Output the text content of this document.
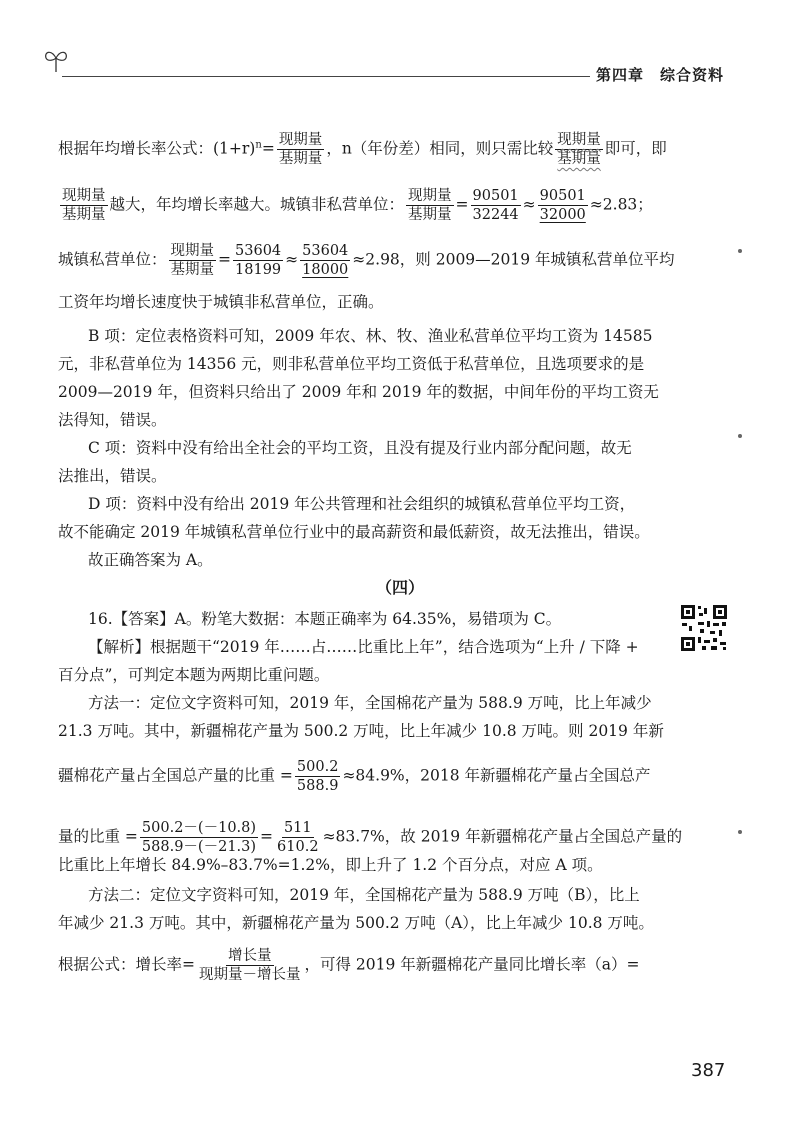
第四章 综合资料
根据年均增长率公式：$(1+r)^n= \frac{\text{现期量}}{\text{基期量}}$ ，n（年份差）相同，则只需比较 $\frac{\text{现期量}}{\text{基期量}}$ 即可，即
$\frac{\text{现期量}}{\text{基期量}}$ 越大，年均增长率越大。城镇非私营单位： $\frac{\text{现期量}}{\text{基期量}} = \frac{90501}{32244} \approx \frac{90501}{32000} \approx 2.83$；
城镇私营单位： $\frac{\text{现期量}}{\text{基期量}} = \frac{53604}{18199} \approx \frac{53604}{18000} \approx 2.98$，则 2009—2019 年城镇私营单位平均
工资年均增长速度快于城镇非私营单位，正确。
B 项：定位表格资料可知，2009 年农、林、牧、渔业私营单位平均工资为 14585
元，非私营单位为 14356 元，则非私营单位平均工资低于私营单位，且选项要求的是
2009—2019 年，但资料只给出了 2009 年和 2019 年的数据，中间年份的平均工资无
法得知，错误。
C 项：资料中没有给出全社会的平均工资，且没有提及行业内部分配问题，故无
法推出，错误。
D 项：资料中没有给出 2019 年公共管理和社会组织的城镇私营单位平均工资，
故不能确定 2019 年城镇私营单位行业中的最高薪资和最低薪资，故无法推出，错误。
故正确答案为 A。
（四）
16.【答案】A。粉笔大数据：本题正确率为 64.35%，易错项为 C。
【解析】根据题干“2019 年……占……比重比上年”，结合选项为“上升 / 下降 +
百分点”，可判定本题为两期比重问题。
方法一：定位文字资料可知，2019 年，全国棉花产量为 588.9 万吨，比上年减少
21.3 万吨。其中，新疆棉花产量为 500.2 万吨，比上年减少 10.8 万吨。则 2019 年新
疆棉花产量占全国总产量的比重 = $\frac{500.2}{588.9} \approx 84.9\%$，2018 年新疆棉花产量占全国总产
量的比重 = $\frac{500.2-(-10.8)}{588.9-(-21.3)} = \frac{511}{610.2} \approx 83.7\%$，故 2019 年新疆棉花产量占全国总产量的
比重比上年增长 84.9%–83.7%=1.2%，即上升了 1.2 个百分点，对应 A 项。
方法二：定位文字资料可知，2019 年，全国棉花产量为 588.9 万吨（B），比上
年减少 21.3 万吨。其中，新疆棉花产量为 500.2 万吨（A），比上年减少 10.8 万吨。
根据公式：增长率= $\frac{\text{增长量}}{\text{现期量－增长量}}$ ，可得 2019 年新疆棉花产量同比增长率（a）=
387
